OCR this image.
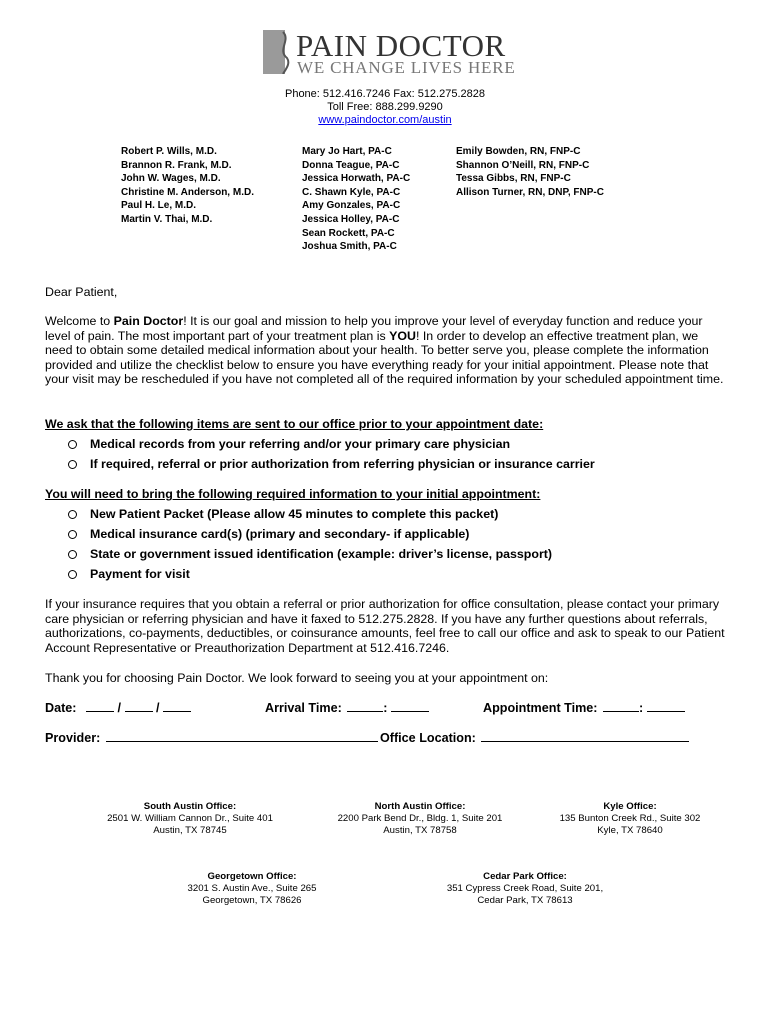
PAIN DOCTOR
WE CHANGE LIVES HERE
Phone: 512.416.7246 Fax: 512.275.2828
Toll Free: 888.299.9290
www.paindoctor.com/austin
Robert P. Wills, M.D.
Brannon R. Frank, M.D.
John W. Wages, M.D.
Christine M. Anderson, M.D.
Paul H. Le, M.D.
Martin V. Thai, M.D.
Mary Jo Hart, PA-C
Donna Teague, PA-C
Jessica Horwath, PA-C
C. Shawn Kyle, PA-C
Amy Gonzales, PA-C
Jessica Holley, PA-C
Sean Rockett, PA-C
Joshua Smith, PA-C
Emily Bowden, RN, FNP-C
Shannon O’Neill, RN, FNP-C
Tessa Gibbs, RN, FNP-C
Allison Turner, RN, DNP, FNP-C
Dear Patient,
Welcome to Pain Doctor! It is our goal and mission to help you improve your level of everyday function and reduce your level of pain. The most important part of your treatment plan is YOU! In order to develop an effective treatment plan, we need to obtain some detailed medical information about your health. To better serve you, please complete the information provided and utilize the checklist below to ensure you have everything ready for your initial appointment. Please note that your visit may be rescheduled if you have not completed all of the required information by your scheduled appointment time.
We ask that the following items are sent to our office prior to your appointment date:
Medical records from your referring and/or your primary care physician
If required, referral or prior authorization from referring physician or insurance carrier
You will need to bring the following required information to your initial appointment:
New Patient Packet (Please allow 45 minutes to complete this packet)
Medical insurance card(s) (primary and secondary- if applicable)
State or government issued identification (example: driver’s license, passport)
Payment for visit
If your insurance requires that you obtain a referral or prior authorization for office consultation, please contact your primary care physician or referring physician and have it faxed to 512.275.2828. If you have any further questions about referrals, authorizations, co-payments, deductibles, or coinsurance amounts, feel free to call our office and ask to speak to our Patient Account Representative or Preauthorization Department at 512.416.7246.
Thank you for choosing Pain Doctor. We look forward to seeing you at your appointment on:
Date:	/	/	Arrival Time:	:	Appointment Time:	:
Provider:	Office Location:
South Austin Office:
2501 W. William Cannon Dr., Suite 401
Austin, TX 78745
North Austin Office:
2200 Park Bend Dr., Bldg. 1, Suite 201
Austin, TX 78758
Kyle Office:
135 Bunton Creek Rd., Suite 302
Kyle, TX 78640
Georgetown Office:
3201 S. Austin Ave., Suite 265
Georgetown, TX 78626
Cedar Park Office:
351 Cypress Creek Road, Suite 201,
Cedar Park, TX 78613
